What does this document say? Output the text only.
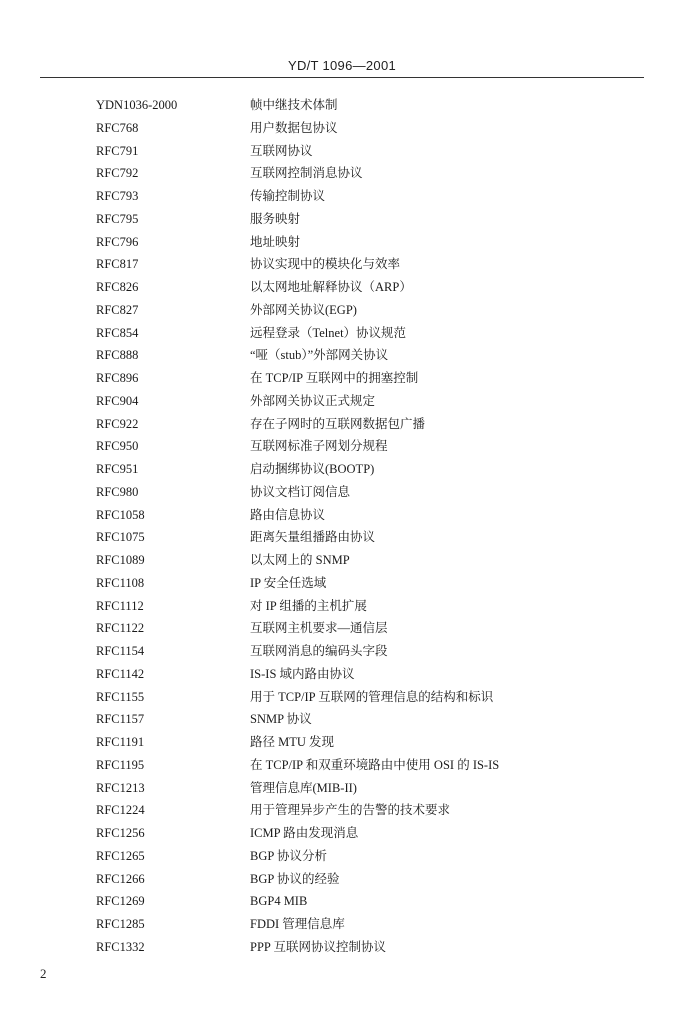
YD/T 1096—2001
YDN1036-2000	帧中继技术体制
RFC768	用户数据包协议
RFC791	互联网协议
RFC792	互联网控制消息协议
RFC793	传输控制协议
RFC795	服务映射
RFC796	地址映射
RFC817	协议实现中的模块化与效率
RFC826	以太网地址解释协议（ARP）
RFC827	外部网关协议(EGP)
RFC854	远程登录（Telnet）协议规范
RFC888	“哑（stub）”外部网关协议
RFC896	在 TCP/IP 互联网中的拥塞控制
RFC904	外部网关协议正式规定
RFC922	存在子网时的互联网数据包广播
RFC950	互联网标准子网划分规程
RFC951	启动捆绑协议(BOOTP)
RFC980	协议文档订阅信息
RFC1058	路由信息协议
RFC1075	距离矢量组播路由协议
RFC1089	以太网上的 SNMP
RFC1108	IP 安全任选域
RFC1112	对 IP 组播的主机扩展
RFC1122	互联网主机要求—通信层
RFC1154	互联网消息的编码头字段
RFC1142	IS-IS 域内路由协议
RFC1155	用于 TCP/IP 互联网的管理信息的结构和标识
RFC1157	SNMP 协议
RFC1191	路径 MTU 发现
RFC1195	在 TCP/IP 和双重环境路由中使用 OSI 的 IS-IS
RFC1213	管理信息库(MIB-II)
RFC1224	用于管理异步产生的告警的技术要求
RFC1256	ICMP 路由发现消息
RFC1265	BGP 协议分析
RFC1266	BGP 协议的经验
RFC1269	BGP4 MIB
RFC1285	FDDI 管理信息库
RFC1332	PPP 互联网协议控制协议
2
